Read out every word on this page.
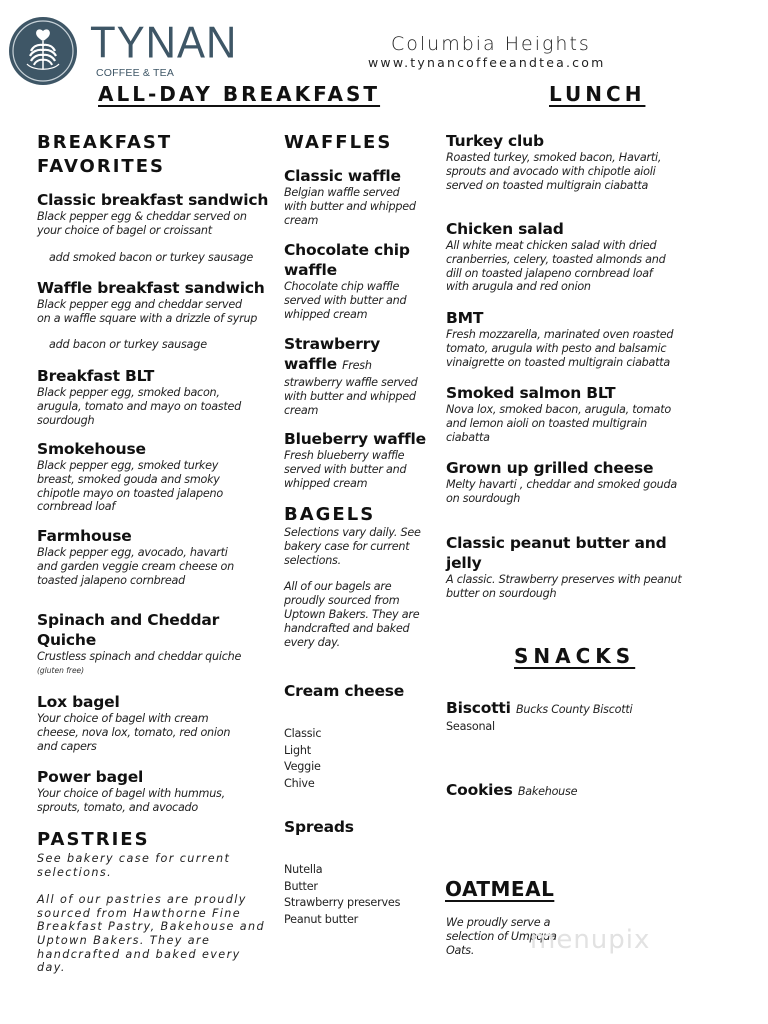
TYNAN
COFFEE & TEA
Columbia Heights
www.tynancoffeeandtea.com
ALL-DAY BREAKFAST	LUNCH
BREAKFAST
FAVORITES
Classic breakfast sandwich
Black pepper egg & cheddar served on
your choice of bagel or croissant
add smoked bacon or turkey sausage
Waffle breakfast sandwich
Black pepper egg and cheddar served
on a waffle square with a drizzle of syrup
add bacon or turkey sausage
Breakfast BLT
Black pepper egg, smoked bacon,
arugula, tomato and mayo on toasted
sourdough
Smokehouse
Black pepper egg, smoked turkey
breast, smoked gouda and smoky
chipotle mayo on toasted jalapeno
cornbread loaf
Farmhouse
Black pepper egg, avocado, havarti
and garden veggie cream cheese on
toasted jalapeno cornbread
Spinach and Cheddar
Quiche
Crustless spinach and cheddar quiche
(gluten free)
Lox bagel
Your choice of bagel with cream
cheese, nova lox, tomato, red onion
and capers
Power bagel
Your choice of bagel with hummus,
sprouts, tomato, and avocado
PASTRIES
See bakery case for current
selections.
All of our pastries are proudly
sourced from Hawthorne Fine
Breakfast Pastry, Bakehouse and
Uptown Bakers. They are
handcrafted and baked every
day.
WAFFLES
Classic waffle
Belgian waffle served
with butter and whipped
cream
Chocolate chip
waffle
Chocolate chip waffle
served with butter and
whipped cream
Strawberry
waffle Fresh
strawberry waffle served
with butter and whipped
cream
Blueberry waffle
Fresh blueberry waffle
served with butter and
whipped cream
BAGELS
Selections vary daily. See
bakery case for current
selections.
All of our bagels are
proudly sourced from
Uptown Bakers. They are
handcrafted and baked
every day.
Cream cheese
Classic
Light
Veggie
Chive
Spreads
Nutella
Butter
Strawberry preserves
Peanut butter
Turkey club
Roasted turkey, smoked bacon, Havarti,
sprouts and avocado with chipotle aioli
served on toasted multigrain ciabatta
Chicken salad
All white meat chicken salad with dried
cranberries, celery, toasted almonds and
dill on toasted jalapeno cornbread loaf
with arugula and red onion
BMT
Fresh mozzarella, marinated oven roasted
tomato, arugula with pesto and balsamic
vinaigrette on toasted multigrain ciabatta
Smoked salmon BLT
Nova lox, smoked bacon, arugula, tomato
and lemon aioli on toasted multigrain
ciabatta
Grown up grilled cheese
Melty havarti , cheddar and smoked gouda
on sourdough
Classic peanut butter and
jelly
A classic. Strawberry preserves with peanut
butter on sourdough
SNACKS
Biscotti Bucks County Biscotti
Seasonal
Cookies Bakehouse
OATMEAL
We proudly serve a
selection of Umpqua
Oats.	menupix
